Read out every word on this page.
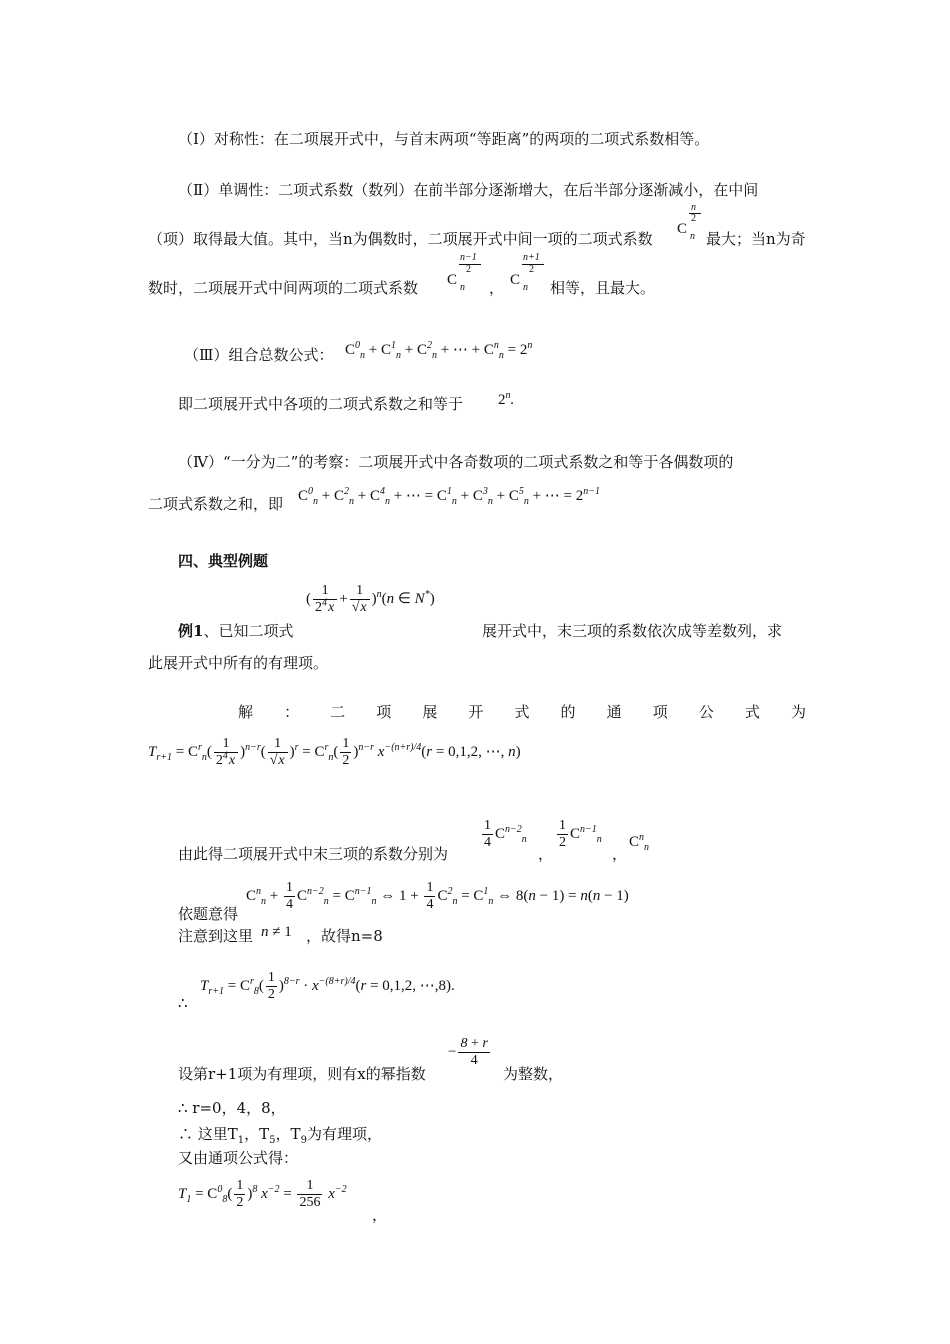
（Ⅰ）对称性：在二项展开式中，与首末两项“等距离”的两项的二项式系数相等。
（Ⅱ）单调性：二项式系数（数列）在前半部分逐渐增大，在后半部分逐渐减小，在中间
（项）取得最大值。其中，当n为偶数时，二项展开式中间一项的二项式系数
C n
n
2
最大；当n为奇
数时，二项展开式中间两项的二项式系数 C n
n−1
2
， C n
n+1
2
相等，且最大。
（Ⅲ）组合总数公式： $C^0_n + C^1_n + C^2_n$ + ⋯ + $C^n_n = 2^n$
即二项展开式中各项的二项式系数之和等于 2$^n$.
（Ⅳ）“一分为二”的考察：二项展开式中各奇数项的二项式系数之和等于各偶数项的
二项式系数之和，即 $C^0_n + C^2_n + C^4_n$ + ⋯ = $C^1_n + C^3_n + C^5_n$ + ⋯ = $2^{n-1}$
四、典型例题
( $\frac{1}{2^4x} + \frac{1}{√x} )^n(n$ ∈ N*)
例1、已知二项式	展开式中，末三项的系数依次成等差数列，求
此展开式中所有的有理项。
解 ： 二 项 展 开 式 的 通 项 公 式 为
$T_{r+1} = C^r_n( \frac{1}{2^4x} )^{n-r}( \frac{1}{√x} )^r = C^r_n( \frac{1}{2} )^{n-r}$ $x^{-(n+r)/4}(r = 0,1,2$, ⋯, n)
由此得二项展开式中末三项的系数分别为
$\frac{1}{4} C^{n-2}_n$
，
$\frac{1}{2} C^{n-1}_n$
，
$C^n_n$
$C^n_n + \frac{1}{4} C^{n-2}_n = C^{n-1}_n$ ⇔ $1 + \frac{1}{4} C^2_n = C^1_n$ ⇔ 8(n − 1) = n(n − 1)
依题意得
注意到这里 n ≠ 1 ，故得n=8
$T_{r+1} = C^r_8( \frac{1}{2} )^{8-r} \cdot x^{-(8+r)/4}(r = 0,1,2$, ⋯,8).
∴
− $\frac{8 + r}{4}$
设第r+1项为有理项，则有x的幂指数	为整数，
∴ r=0，4，8，
∴ 这里$T_1$，$T_5$，$T_9$为有理项，
又由通项公式得：
$T_1 = C^0_8( \frac{1}{2} )^8$ $x^{-2} = \frac{1}{256} x^{-2}$
，
